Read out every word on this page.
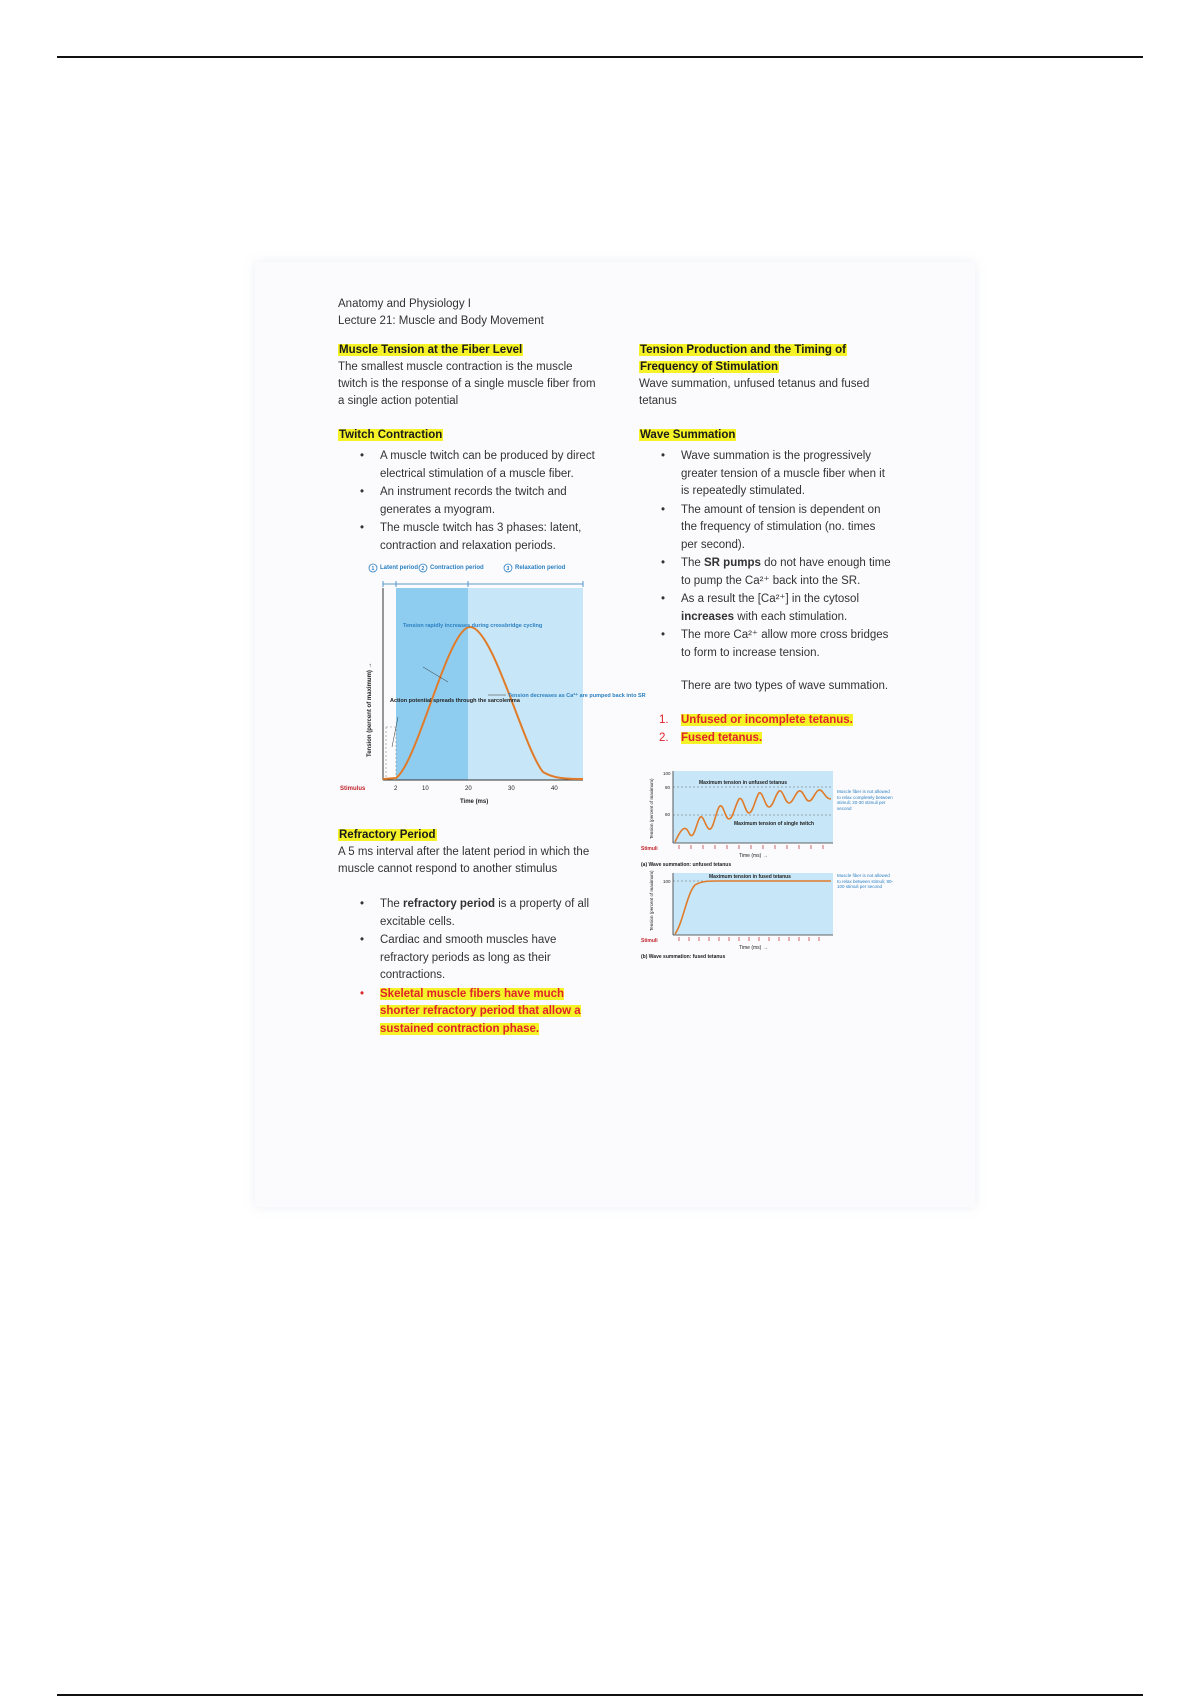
Anatomy and Physiology I
Lecture 21: Muscle and Body Movement
Muscle Tension at the Fiber Level

The smallest muscle contraction is the muscle twitch is the response of a single muscle fiber from a single action potential

Twitch Contraction
• A muscle twitch can be produced by direct electrical stimulation of a muscle fiber.
• An instrument records the twitch and generates a myogram.
• The muscle twitch has 3 phases: latent, contraction and relaxation periods.
1 Latent period 2 Contraction period	3 Relaxation period
Tension rapidly increases during crossbridge cycling
Tension decreases as Ca²⁺ are pumped back into SR
Action potential spreads through the sarcolemma
Tension (percent of maximum) →
Stimulus	2	10	20	30	40
Time (ms)
Refractory Period

A 5 ms interval after the latent period in which the muscle cannot respond to another stimulus

• The refractory period is a property of all excitable cells.
• Cardiac and smooth muscles have refractory periods as long as their contractions.
• Skeletal muscle fibers have much shorter refractory period that allow a sustained contraction phase.
Tension Production and the Timing of
Frequency of Stimulation

Wave summation, unfused tetanus and fused tetanus

Wave Summation
• Wave summation is the progressively greater tension of a muscle fiber when it is repeatedly stimulated.
• The amount of tension is dependent on the frequency of stimulation (no. times per second).
• The SR pumps do not have enough time to pump the Ca²⁺ back into the SR.
• As a result the [Ca²⁺] in the cytosol increases with each stimulation.
• The more Ca²⁺ allow more cross bridges to form to increase tension.

There are two types of wave summation.

1. Unfused or incomplete tetanus.
2. Fused tetanus.
Maximum tension in unfused tetanus
Maximum tension of single twitch
100
80
60
Tension (percent of maximum)
Stimuli
Time (ms) →
(a) Wave summation: unfused tetanus
Muscle fiber is not allowed to relax completely between stimuli; 20-30 stimuli per second
Maximum tension in fused tetanus
100
Tension (percent of maximum)
Stimuli
Time (ms) →
(b) Wave summation: fused tetanus
Muscle fiber is not allowed to relax between stimuli; 80-100 stimuli per second
